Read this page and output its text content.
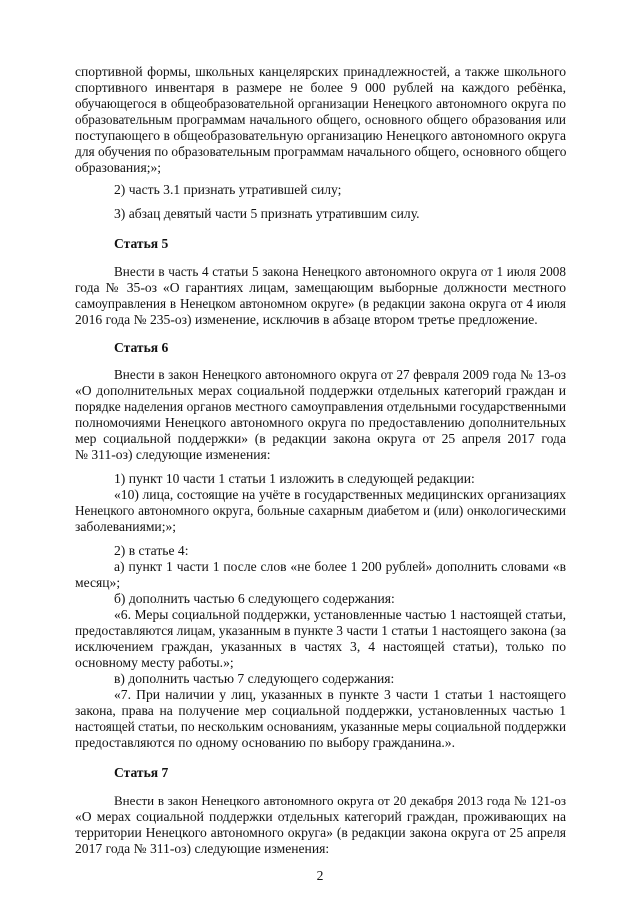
спортивной формы, школьных канцелярских принадлежностей, а также школьного
спортивного инвентаря в размере не более 9 000 рублей на каждого ребёнка,
обучающегося в общеобразовательной организации Ненецкого автономного округа по
образовательным программам начального общего, основного общего образования или
поступающего в общеобразовательную организацию Ненецкого автономного округа
для обучения по образовательным программам начального общего, основного общего
образования;»;
2) часть 3.1 признать утратившей силу;
3) абзац девятый части 5 признать утратившим силу.
Статья 5
Внести в часть 4 статьи 5 закона Ненецкого автономного округа от 1 июля 2008
года № 35-оз «О гарантиях лицам, замещающим выборные должности местного
самоуправления в Ненецком автономном округе» (в редакции закона округа от 4 июля
2016 года № 235-оз) изменение, исключив в абзаце втором третье предложение.
Статья 6
Внести в закон Ненецкого автономного округа от 27 февраля 2009 года № 13-оз
«О дополнительных мерах социальной поддержки отдельных категорий граждан и
порядке наделения органов местного самоуправления отдельными государственными
полномочиями Ненецкого автономного округа по предоставлению дополнительных
мер социальной поддержки» (в редакции закона округа от 25 апреля 2017 года
№ 311-оз) следующие изменения:
1) пункт 10 части 1 статьи 1 изложить в следующей редакции:
«10) лица, состоящие на учёте в государственных медицинских организациях
Ненецкого автономного округа, больные сахарным диабетом и (или) онкологическими
заболеваниями;»;
2) в статье 4:
а) пункт 1 части 1 после слов «не более 1 200 рублей» дополнить словами «в
месяц»;
б) дополнить частью 6 следующего содержания:
«6. Меры социальной поддержки, установленные частью 1 настоящей статьи,
предоставляются лицам, указанным в пункте 3 части 1 статьи 1 настоящего закона (за
исключением граждан, указанных в частях 3, 4 настоящей статьи), только по
основному месту работы.»;
в) дополнить частью 7 следующего содержания:
«7. При наличии у лиц, указанных в пункте 3 части 1 статьи 1 настоящего
закона, права на получение мер социальной поддержки, установленных частью 1
настоящей статьи, по нескольким основаниям, указанные меры социальной поддержки
предоставляются по одному основанию по выбору гражданина.».
Статья 7
Внести в закон Ненецкого автономного округа от 20 декабря 2013 года № 121-оз
«О мерах социальной поддержки отдельных категорий граждан, проживающих на
территории Ненецкого автономного округа» (в редакции закона округа от 25 апреля
2017 года № 311-оз) следующие изменения:
2
